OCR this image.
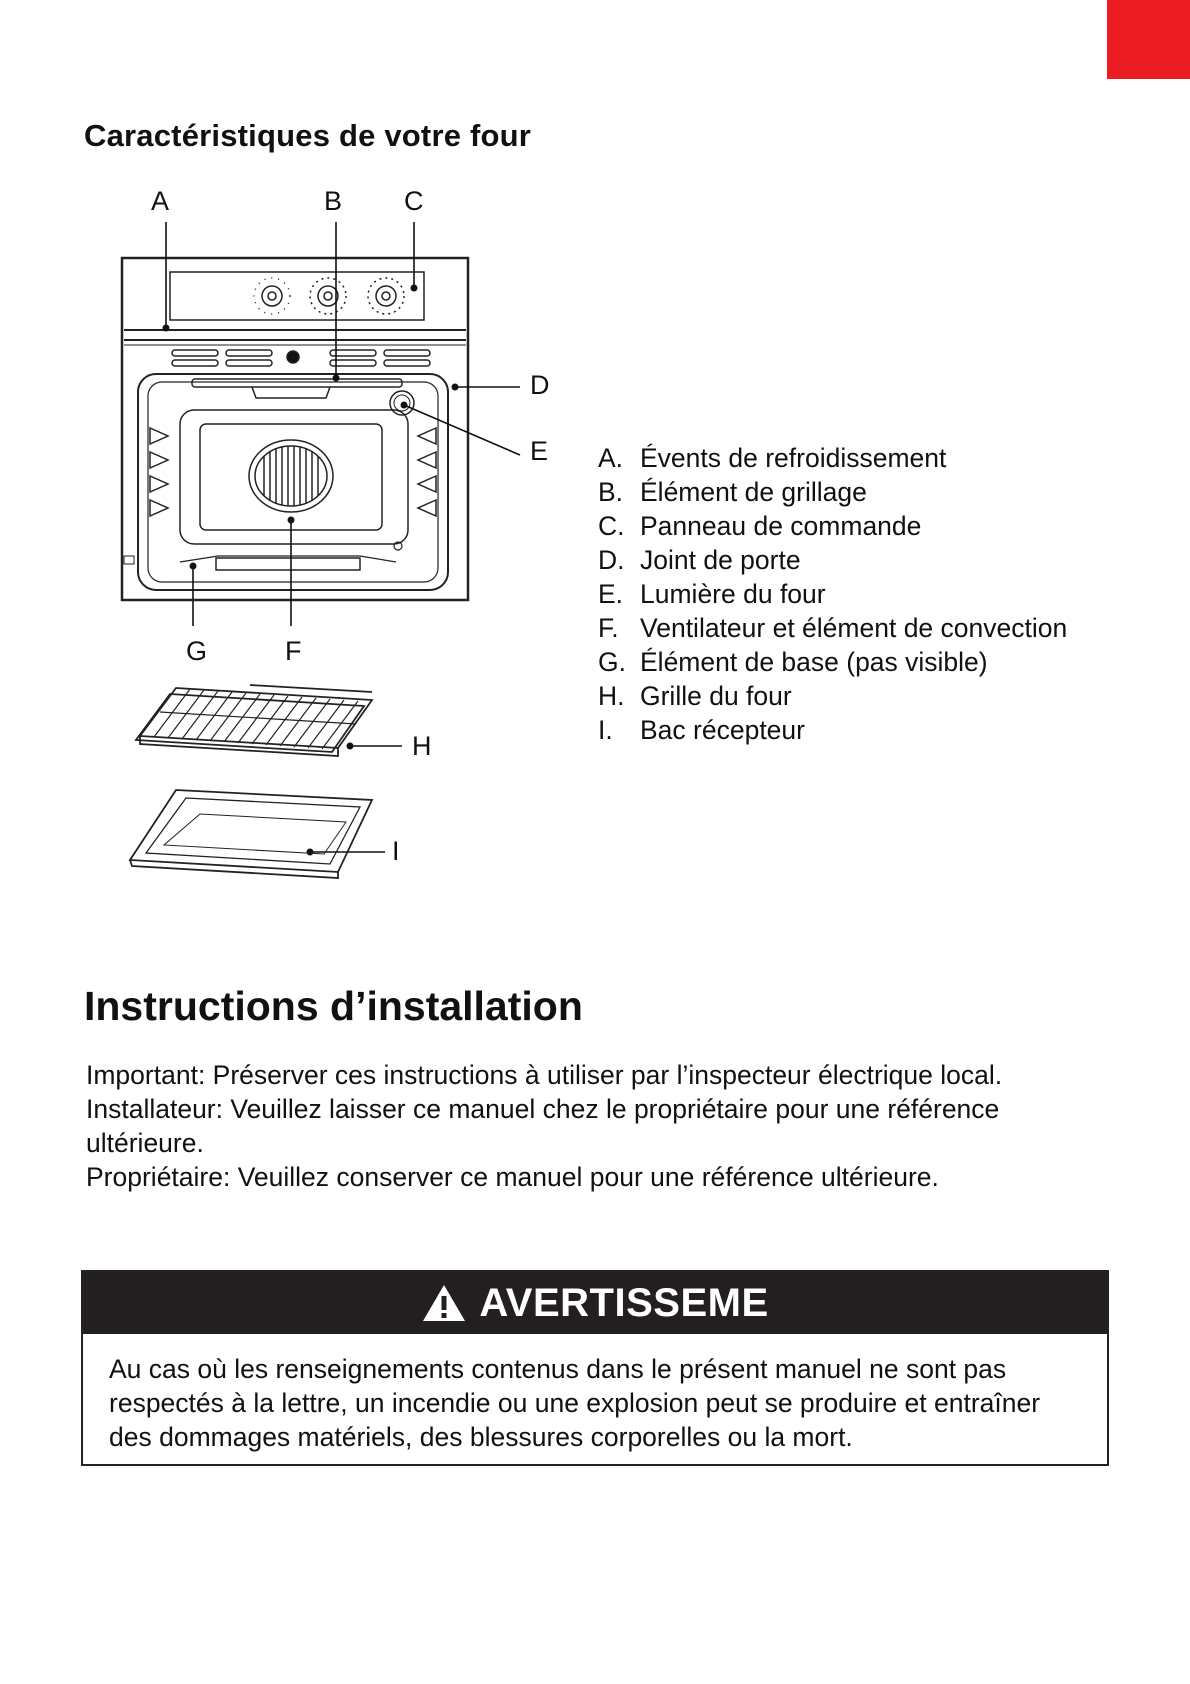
Caractéristiques de votre four
A	B C
D
E
F
G
H
I
A. Évents de refroidissement
B. Élément de grillage
C. Panneau de commande
D. Joint de porte
E. Lumière du four
F. Ventilateur et élément de convection
G. Élément de base (pas visible)
H. Grille du four
I. Bac récepteur
Instructions d’installation

Important: Préserver ces instructions à utiliser par l’inspecteur électrique local.

Installateur: Veuillez laisser ce manuel chez le propriétaire pour une référence ultérieure.

Propriétaire: Veuillez conserver ce manuel pour une référence ultérieure.

AVERTISSEME

Au cas où les renseignements contenus dans le présent manuel ne sont pas respectés à la lettre, un incendie ou une explosion peut se produire et entraîner des dommages matériels, des blessures corporelles ou la mort.
